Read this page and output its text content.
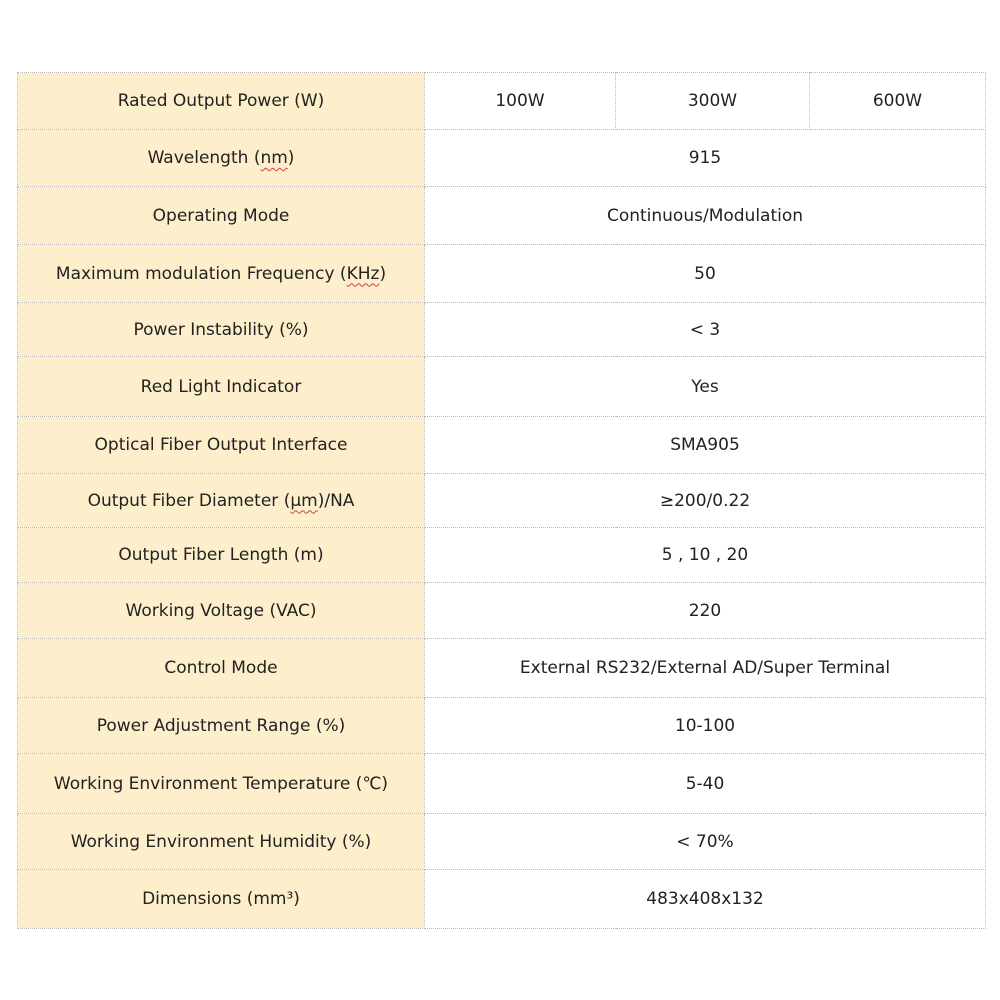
Rated Output Power (W)	100W	300W	600W
Wavelength (nm)	915		
Operating Mode	Continuous/Modulation		
Maximum modulation Frequency (KHz)	50		
Power Instability (%)	< 3		
Red Light Indicator	Yes		
Optical Fiber Output Interface	SMA905		
Output Fiber Diameter (μm)/NA	≥200/0.22		
Output Fiber Length (m)	5 , 10 , 20		
Working Voltage (VAC)	220		
Control Mode	External RS232/External AD/Super Terminal		
Power Adjustment Range (%)	10-100		
Working Environment Temperature (℃)	5-40		
Working Environment Humidity (%)	< 70%		
Dimensions (mm³)	483x408x132		
